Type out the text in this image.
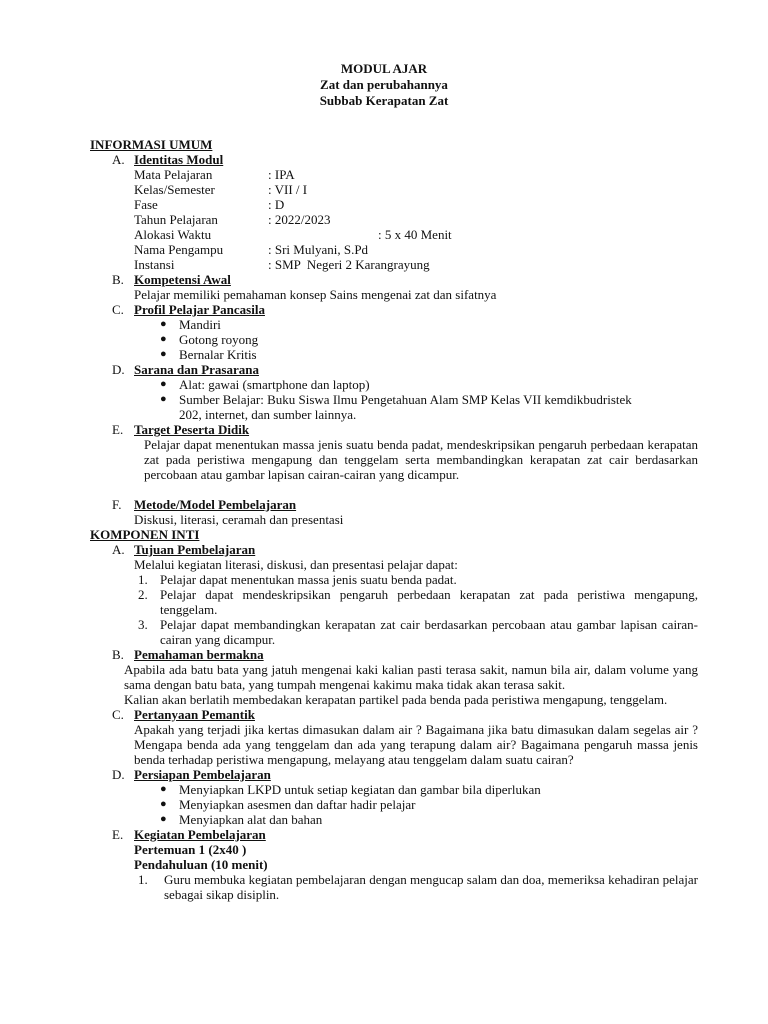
MODUL AJAR
Zat dan perubahannya
Subbab Kerapatan Zat
INFORMASI UMUM
A. Identitas Modul
Mata Pelajaran	: IPA
Kelas/Semester	: VII / I
Fase	: D
Tahun Pelajaran	: 2022/2023
Alokasi Waktu	: 5 x 40 Menit
Nama Pengampu	: Sri Mulyani, S.Pd
Instansi	: SMP  Negeri 2 Karangrayung
B. Kompetensi Awal
Pelajar memiliki pemahaman konsep Sains mengenai zat dan sifatnya
C. Profil Pelajar Pancasila
● Mandiri
● Gotong royong
● Bernalar Kritis
D. Sarana dan Prasarana
● Alat: gawai (smartphone dan laptop)
● Sumber Belajar: Buku Siswa Ilmu Pengetahuan Alam SMP Kelas VII kemdikbudristek 202, internet, dan sumber lainnya.
E. Target Peserta Didik
Pelajar dapat menentukan massa jenis suatu benda padat, mendeskripsikan pengaruh perbedaan kerapatan zat pada peristiwa mengapung dan tenggelam serta membandingkan kerapatan zat cair berdasarkan percobaan atau gambar lapisan cairan-cairan yang dicampur.
F. Metode/Model Pembelajaran
Diskusi, literasi, ceramah dan presentasi
KOMPONEN INTI
A. Tujuan Pembelajaran
Melalui kegiatan literasi, diskusi, dan presentasi pelajar dapat:
1. Pelajar dapat menentukan massa jenis suatu benda padat.
2. Pelajar dapat mendeskripsikan pengaruh perbedaan kerapatan zat pada peristiwa mengapung, tenggelam.
3. Pelajar dapat membandingkan kerapatan zat cair berdasarkan percobaan atau gambar lapisan cairan-cairan yang dicampur.
B. Pemahaman bermakna
Apabila ada batu bata yang jatuh mengenai kaki kalian pasti terasa sakit, namun bila air, dalam volume yang sama dengan batu bata, yang tumpah mengenai kakimu maka tidak akan terasa sakit.
Kalian akan berlatih membedakan kerapatan partikel pada benda pada peristiwa mengapung, tenggelam.
C. Pertanyaan Pemantik
Apakah yang terjadi jika kertas dimasukan dalam air ? Bagaimana jika batu dimasukan dalam segelas air ? Mengapa benda ada yang tenggelam dan ada yang terapung dalam air? Bagaimana pengaruh massa jenis benda terhadap peristiwa mengapung, melayang atau tenggelam dalam suatu cairan?
D. Persiapan Pembelajaran
● Menyiapkan LKPD untuk setiap kegiatan dan gambar bila diperlukan
● Menyiapkan asesmen dan daftar hadir pelajar
● Menyiapkan alat dan bahan
E. Kegiatan Pembelajaran
Pertemuan 1 (2x40 )
Pendahuluan (10 menit)
1.	Guru membuka kegiatan pembelajaran dengan mengucap salam dan doa, memeriksa kehadiran pelajar sebagai sikap disiplin.
